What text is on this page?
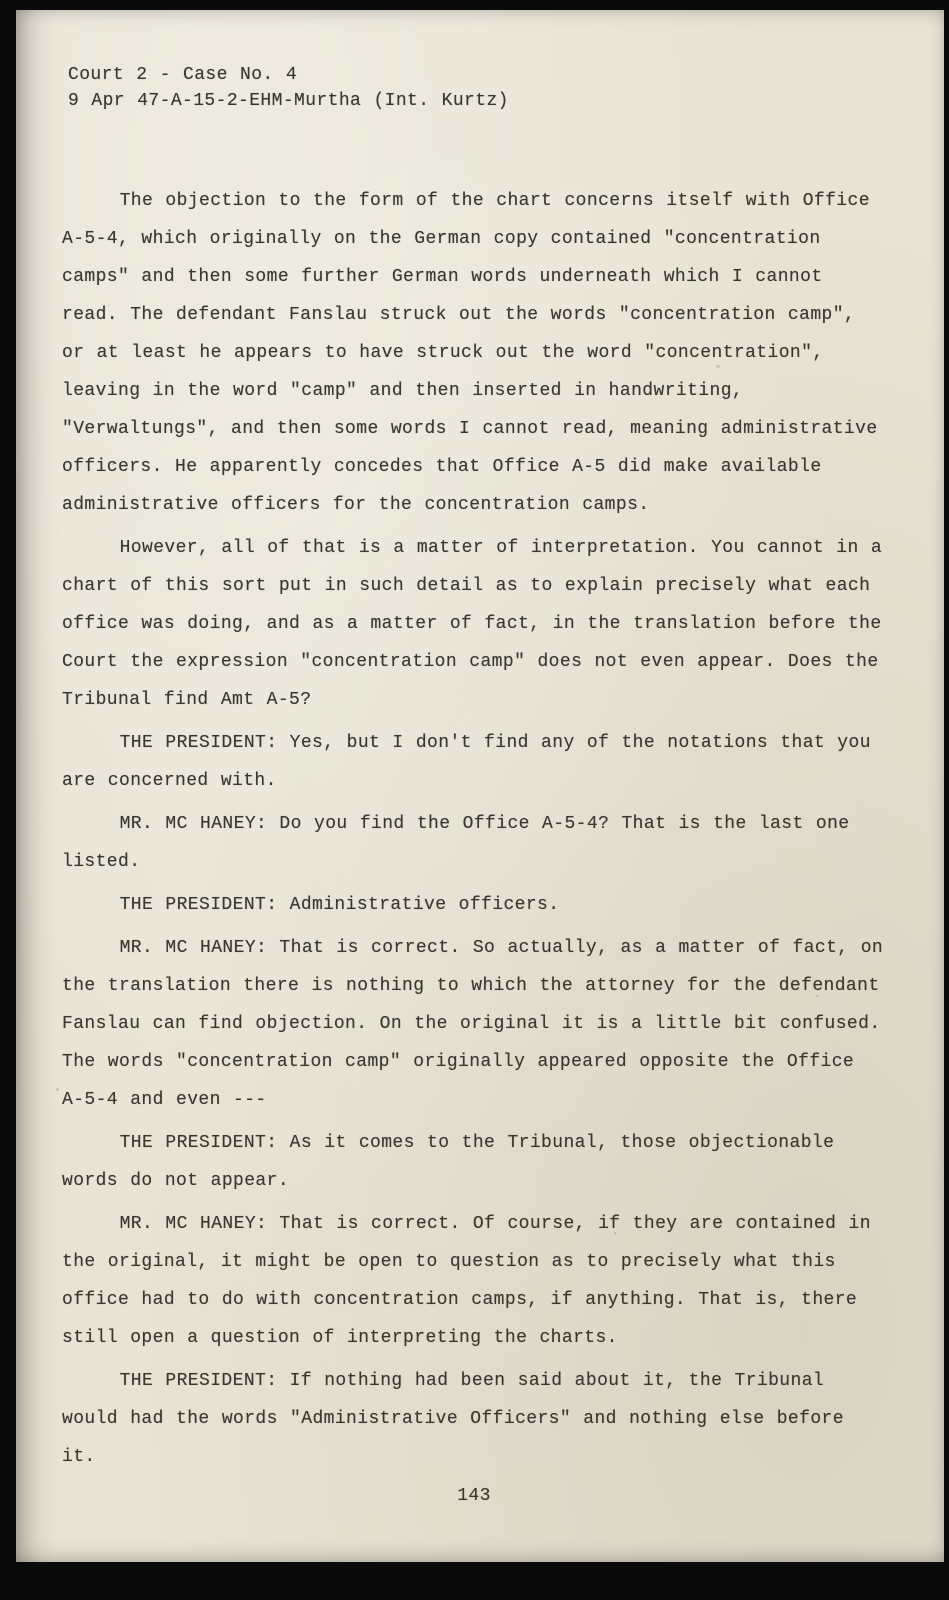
Court 2 - Case No. 4
9 Apr 47-A-15-2-EHM-Murtha (Int. Kurtz)
The objection to the form of the chart concerns itself with Office A-5-4, which originally on the German copy contained "concentration camps" and then some further German words underneath which I cannot read. The defendant Fanslau struck out the words "concentration camp", or at least he appears to have struck out the word "concentration", leaving in the word "camp" and then inserted in handwriting, "Verwaltungs", and then some words I cannot read, meaning administrative officers. He apparently concedes that Office A-5 did make available administrative officers for the concentration camps.
However, all of that is a matter of interpretation. You cannot in a chart of this sort put in such detail as to explain precisely what each office was doing, and as a matter of fact, in the translation before the Court the expression "concentration camp" does not even appear. Does the Tribunal find Amt A-5?
THE PRESIDENT: Yes, but I don't find any of the notations that you are concerned with.
MR. MC HANEY: Do you find the Office A-5-4? That is the last one listed.
THE PRESIDENT: Administrative officers.
MR. MC HANEY: That is correct. So actually, as a matter of fact, on the translation there is nothing to which the attorney for the defendant Fanslau can find objection. On the original it is a little bit confused. The words "concentration camp" originally appeared opposite the Office A-5-4 and even ---
THE PRESIDENT: As it comes to the Tribunal, those objectionable words do not appear.
MR. MC HANEY: That is correct. Of course, if they are contained in the original, it might be open to question as to precisely what this office had to do with concentration camps, if anything. That is, there still open a question of interpreting the charts.
THE PRESIDENT: If nothing had been said about it, the Tribunal would had the words "Administrative Officers" and nothing else before it.
143
